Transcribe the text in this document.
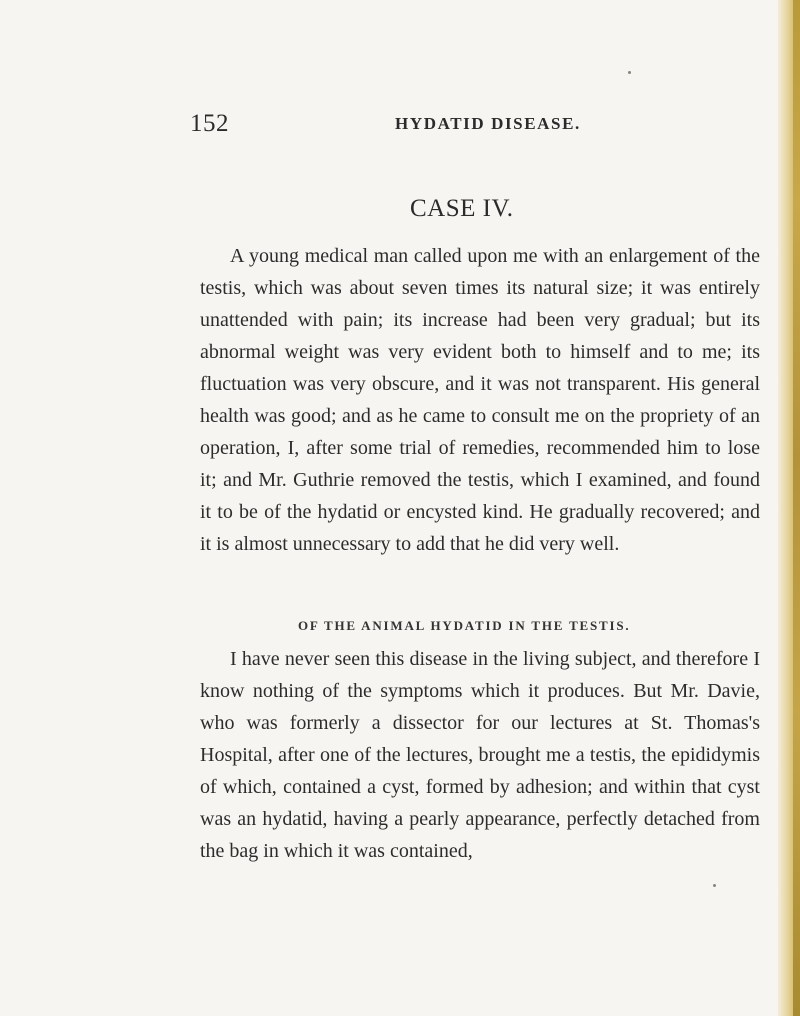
152	HYDATID DISEASE.
CASE IV.

A young medical man called upon me with an enlargement of the testis, which was about seven times its natural size; it was entirely unattended with pain; its increase had been very gradual; but its abnormal weight was very evident both to himself and to me; its fluctuation was very obscure, and it was not transparent. His general health was good; and as he came to consult me on the propriety of an operation, I, after some trial of remedies, recommended him to lose it; and Mr. Guthrie removed the testis, which I examined, and found it to be of the hydatid or encysted kind. He gradually recovered; and it is almost unnecessary to add that he did very well.

OF THE ANIMAL HYDATID IN THE TESTIS.

I have never seen this disease in the living subject, and therefore I know nothing of the symptoms which it produces. But Mr. Davie, who was formerly a dissector for our lectures at St. Thomas's Hospital, after one of the lectures, brought me a testis, the epididymis of which, contained a cyst, formed by adhesion; and within that cyst was an hydatid, having a pearly appearance, perfectly detached from the bag in which it was contained,
